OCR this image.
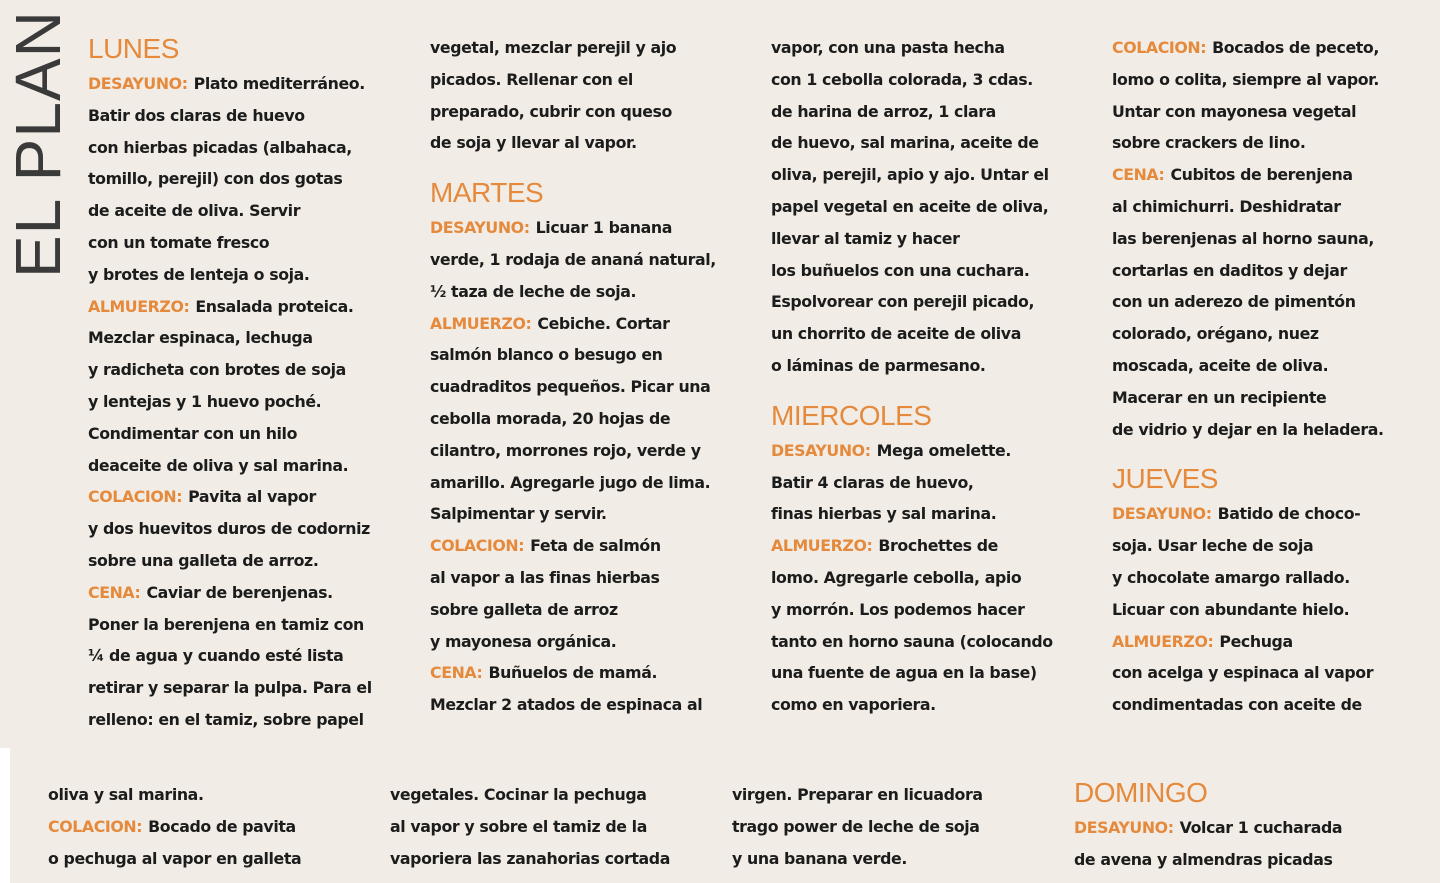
EL PLAN LUNES
DESAYUNO: Plato mediterráneo.
Batir dos claras de huevo
con hierbas picadas (albahaca,
tomillo, perejil) con dos gotas
de aceite de oliva. Servir
con un tomate fresco
y brotes de lenteja o soja.
ALMUERZO: Ensalada proteica.
Mezclar espinaca, lechuga
y radicheta con brotes de soja
y lentejas y 1 huevo poché.
Condimentar con un hilo
deaceite de oliva y sal marina.
COLACION: Pavita al vapor
y dos huevitos duros de codorniz
sobre una galleta de arroz.
CENA: Caviar de berenjenas.
Poner la berenjena en tamiz con
¼ de agua y cuando esté lista
retirar y separar la pulpa. Para el
relleno: en el tamiz, sobre papel
vegetal, mezclar perejil y ajo
picados. Rellenar con el
preparado, cubrir con queso
de soja y llevar al vapor.
MARTES
DESAYUNO: Licuar 1 banana
verde, 1 rodaja de ananá natural,
½ taza de leche de soja.
ALMUERZO: Cebiche. Cortar
salmón blanco o besugo en
cuadraditos pequeños. Picar una
cebolla morada, 20 hojas de
cilantro, morrones rojo, verde y
amarillo. Agregarle jugo de lima.
Salpimentar y servir.
COLACION: Feta de salmón
al vapor a las finas hierbas
sobre galleta de arroz
y mayonesa orgánica.
CENA: Buñuelos de mamá.
Mezclar 2 atados de espinaca al
vapor, con una pasta hecha
con 1 cebolla colorada, 3 cdas.
de harina de arroz, 1 clara
de huevo, sal marina, aceite de
oliva, perejil, apio y ajo. Untar el
papel vegetal en aceite de oliva,
llevar al tamiz y hacer
los buñuelos con una cuchara.
Espolvorear con perejil picado,
un chorrito de aceite de oliva
o láminas de parmesano.
MIERCOLES
DESAYUNO: Mega omelette.
Batir 4 claras de huevo,
finas hierbas y sal marina.
ALMUERZO: Brochettes de
lomo. Agregarle cebolla, apio
y morrón. Los podemos hacer
tanto en horno sauna (colocando
una fuente de agua en la base)
como en vaporiera.
COLACION: Bocados de peceto,
lomo o colita, siempre al vapor.
Untar con mayonesa vegetal
sobre crackers de lino.
CENA: Cubitos de berenjena
al chimichurri. Deshidratar
las berenjenas al horno sauna,
cortarlas en daditos y dejar
con un aderezo de pimentón
colorado, orégano, nuez
moscada, aceite de oliva.
Macerar en un recipiente
de vidrio y dejar en la heladera.
JUEVES
DESAYUNO: Batido de choco-
soja. Usar leche de soja
y chocolate amargo rallado.
Licuar con abundante hielo.
ALMUERZO: Pechuga
con acelga y espinaca al vapor
condimentadas con aceite de
oliva y sal marina.
COLACION: Bocado de pavita
o pechuga al vapor en galleta
vegetales. Cocinar la pechuga
al vapor y sobre el tamiz de la
vaporiera las zanahorias cortada
virgen. Preparar en licuadora
trago power de leche de soja
y una banana verde.
DOMINGO
DESAYUNO: Volcar 1 cucharada
de avena y almendras picadas
